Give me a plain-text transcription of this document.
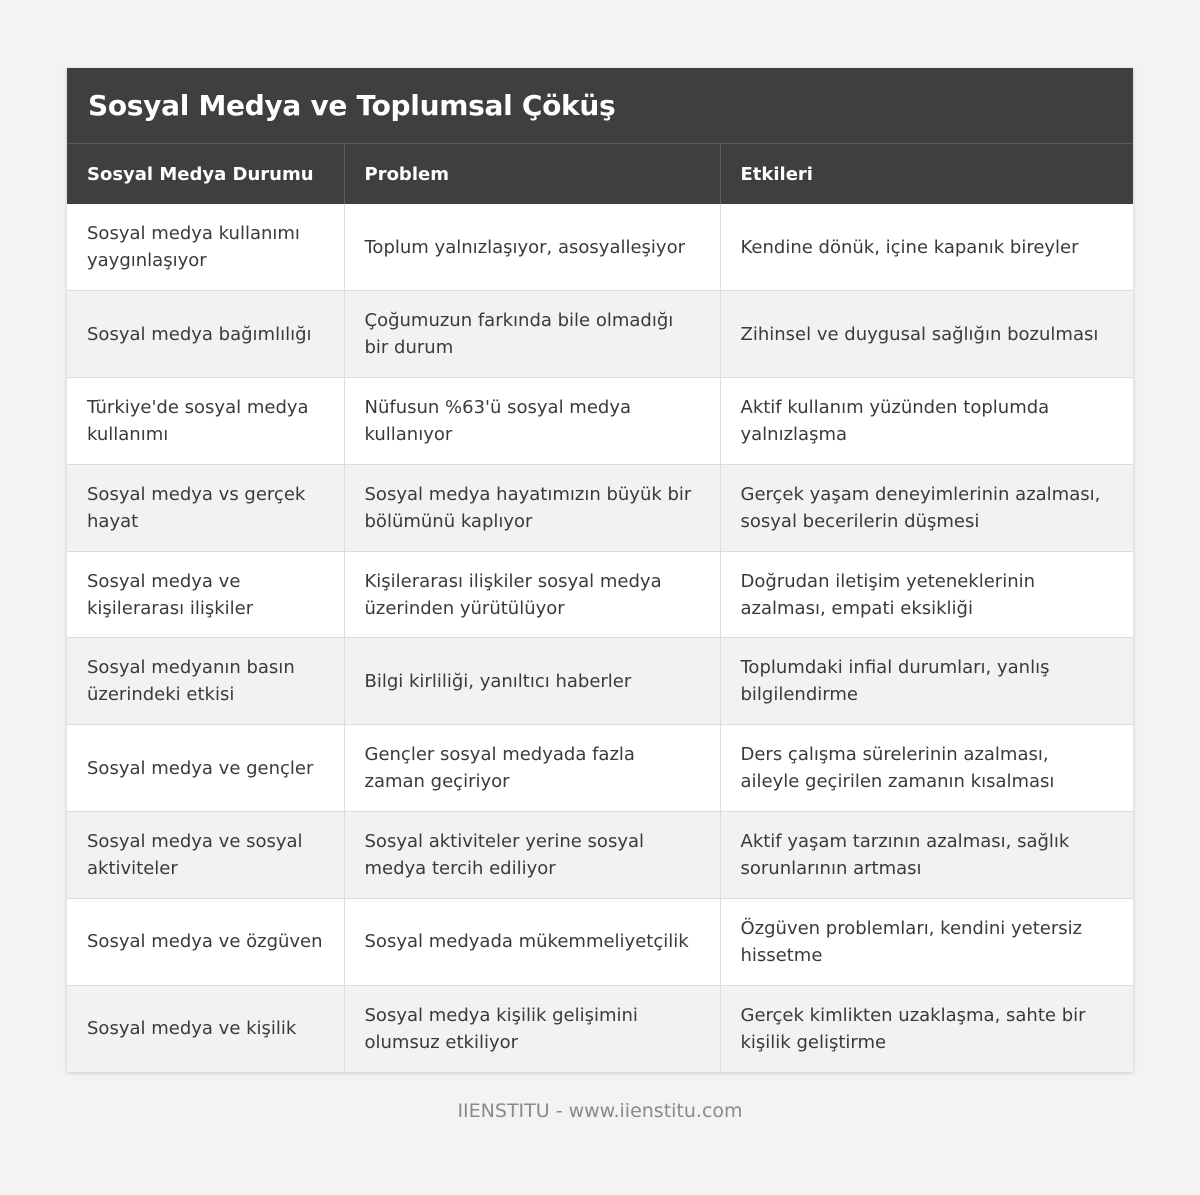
Sosyal Medya ve Toplumsal Çöküş
Sosyal Medya Durumu	Problem	Etkileri
Sosyal medya kullanımı yaygınlaşıyor	Toplum yalnızlaşıyor, asosyalleşiyor	Kendine dönük, içine kapanık bireyler
Sosyal medya bağımlılığı	Çoğumuzun farkında bile olmadığı bir durum	Zihinsel ve duygusal sağlığın bozulması
Türkiye'de sosyal medya kullanımı	Nüfusun %63'ü sosyal medya kullanıyor	Aktif kullanım yüzünden toplumda yalnızlaşma
Sosyal medya vs gerçek hayat	Sosyal medya hayatımızın büyük bir bölümünü kaplıyor	Gerçek yaşam deneyimlerinin azalması, sosyal becerilerin düşmesi
Sosyal medya ve kişilerarası ilişkiler	Kişilerarası ilişkiler sosyal medya üzerinden yürütülüyor	Doğrudan iletişim yeteneklerinin azalması, empati eksikliği
Sosyal medyanın basın üzerindeki etkisi	Bilgi kirliliği, yanıltıcı haberler	Toplumdaki infial durumları, yanlış bilgilendirme
Sosyal medya ve gençler	Gençler sosyal medyada fazla zaman geçiriyor	Ders çalışma sürelerinin azalması, aileyle geçirilen zamanın kısalması
Sosyal medya ve sosyal aktiviteler	Sosyal aktiviteler yerine sosyal medya tercih ediliyor	Aktif yaşam tarzının azalması, sağlık sorunlarının artması
Sosyal medya ve özgüven	Sosyal medyada mükemmeliyetçilik	Özgüven problemları, kendini yetersiz hissetme
Sosyal medya ve kişilik	Sosyal medya kişilik gelişimini olumsuz etkiliyor	Gerçek kimlikten uzaklaşma, sahte bir kişilik geliştirme
IIENSTITU - www.iienstitu.com
